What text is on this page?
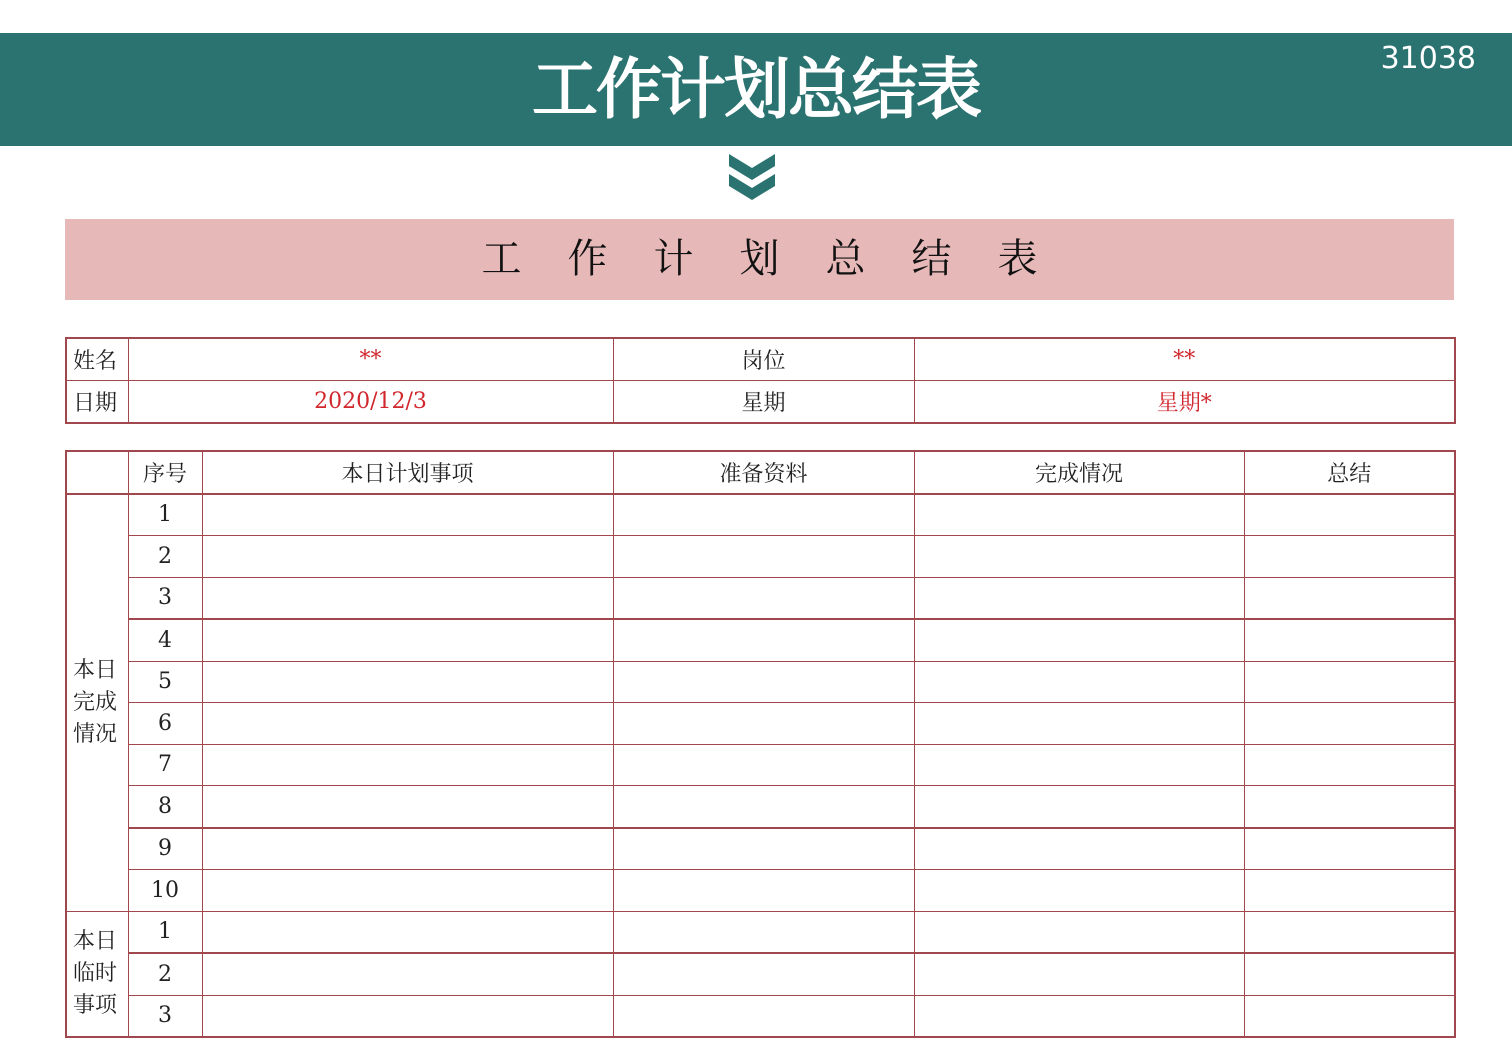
工作计划总结表	31038
工作计划总结表
姓名	**	岗位	**
日期	2020/12/3	星期	星期*
	序号	本日计划事项	准备资料	完成情况	总结
本日完成情况	1				
	2				
	3				
	4				
	5				
	6				
	7				
	8				
	9				
	10				
本日临时事项	1				
	2				
	3				
